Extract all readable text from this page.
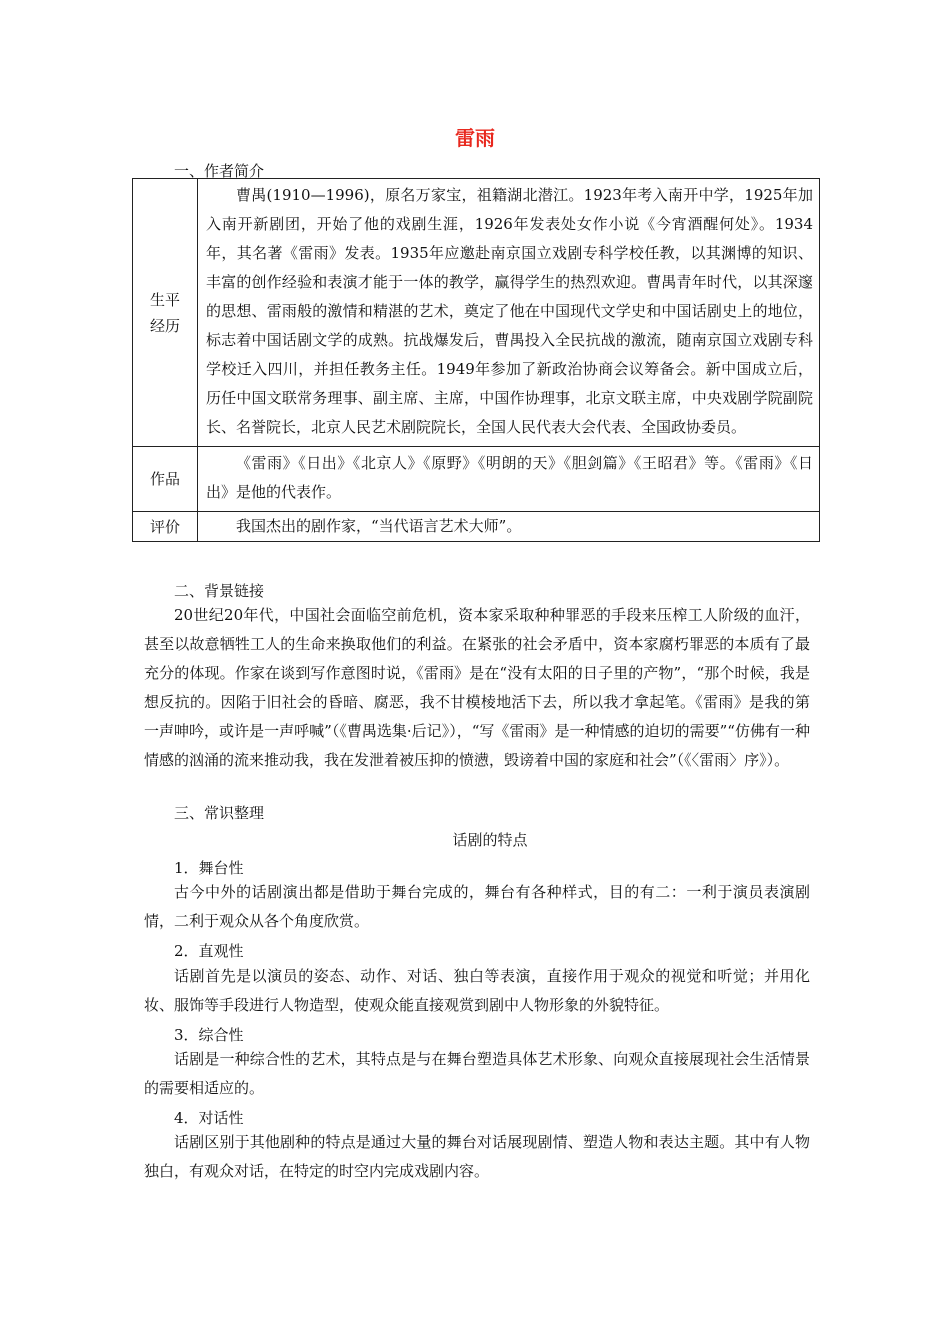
雷雨
一、作者简介
生平
经历	曹禺(1910—1996)，原名万家宝，祖籍湖北潜江。1923年考入南开中学，1925年加入南开新剧团，开始了他的戏剧生涯，1926年发表处女作小说《今宵酒醒何处》。1934年，其名著《雷雨》发表。1935年应邀赴南京国立戏剧专科学校任教，以其渊博的知识、丰富的创作经验和表演才能于一体的教学，赢得学生的热烈欢迎。曹禺青年时代，以其深邃的思想、雷雨般的激情和精湛的艺术，奠定了他在中国现代文学史和中国话剧史上的地位，标志着中国话剧文学的成熟。抗战爆发后，曹禺投入全民抗战的激流，随南京国立戏剧专科学校迁入四川，并担任教务主任。1949年参加了新政治协商会议筹备会。新中国成立后，历任中国文联常务理事、副主席、主席，中国作协理事，北京文联主席，中央戏剧学院副院长、名誉院长，北京人民艺术剧院院长，全国人民代表大会代表、全国政协委员。

作品	《雷雨》《日出》《北京人》《原野》《明朗的天》《胆剑篇》《王昭君》等。《雷雨》《日出》是他的代表作。

评价	我国杰出的剧作家，“当代语言艺术大师”。

二、背景链接

20世纪20年代，中国社会面临空前危机，资本家采取种种罪恶的手段来压榨工人阶级的血汗，甚至以故意牺牲工人的生命来换取他们的利益。在紧张的社会矛盾中，资本家腐朽罪恶的本质有了最充分的体现。作家在谈到写作意图时说，《雷雨》是在“没有太阳的日子里的产物”，“那个时候，我是想反抗的。因陷于旧社会的昏暗、腐恶，我不甘模棱地活下去，所以我才拿起笔。《雷雨》是我的第一声呻吟，或许是一声呼喊”（《曹禺选集·后记》），“写《雷雨》是一种情感的迫切的需要”“仿佛有一种情感的汹涌的流来推动我，我在发泄着被压抑的愤懑，毁谤着中国的家庭和社会”（《〈雷雨〉序》）。

三、常识整理
话剧的特点
1．舞台性

古今中外的话剧演出都是借助于舞台完成的，舞台有各种样式，目的有二：一利于演员表演剧情，二利于观众从各个角度欣赏。

2．直观性

话剧首先是以演员的姿态、动作、对话、独白等表演，直接作用于观众的视觉和听觉；并用化妆、服饰等手段进行人物造型，使观众能直接观赏到剧中人物形象的外貌特征。

3．综合性

话剧是一种综合性的艺术，其特点是与在舞台塑造具体艺术形象、向观众直接展现社会生活情景的需要相适应的。

4．对话性

话剧区别于其他剧种的特点是通过大量的舞台对话展现剧情、塑造人物和表达主题。其中有人物独白，有观众对话，在特定的时空内完成戏剧内容。
